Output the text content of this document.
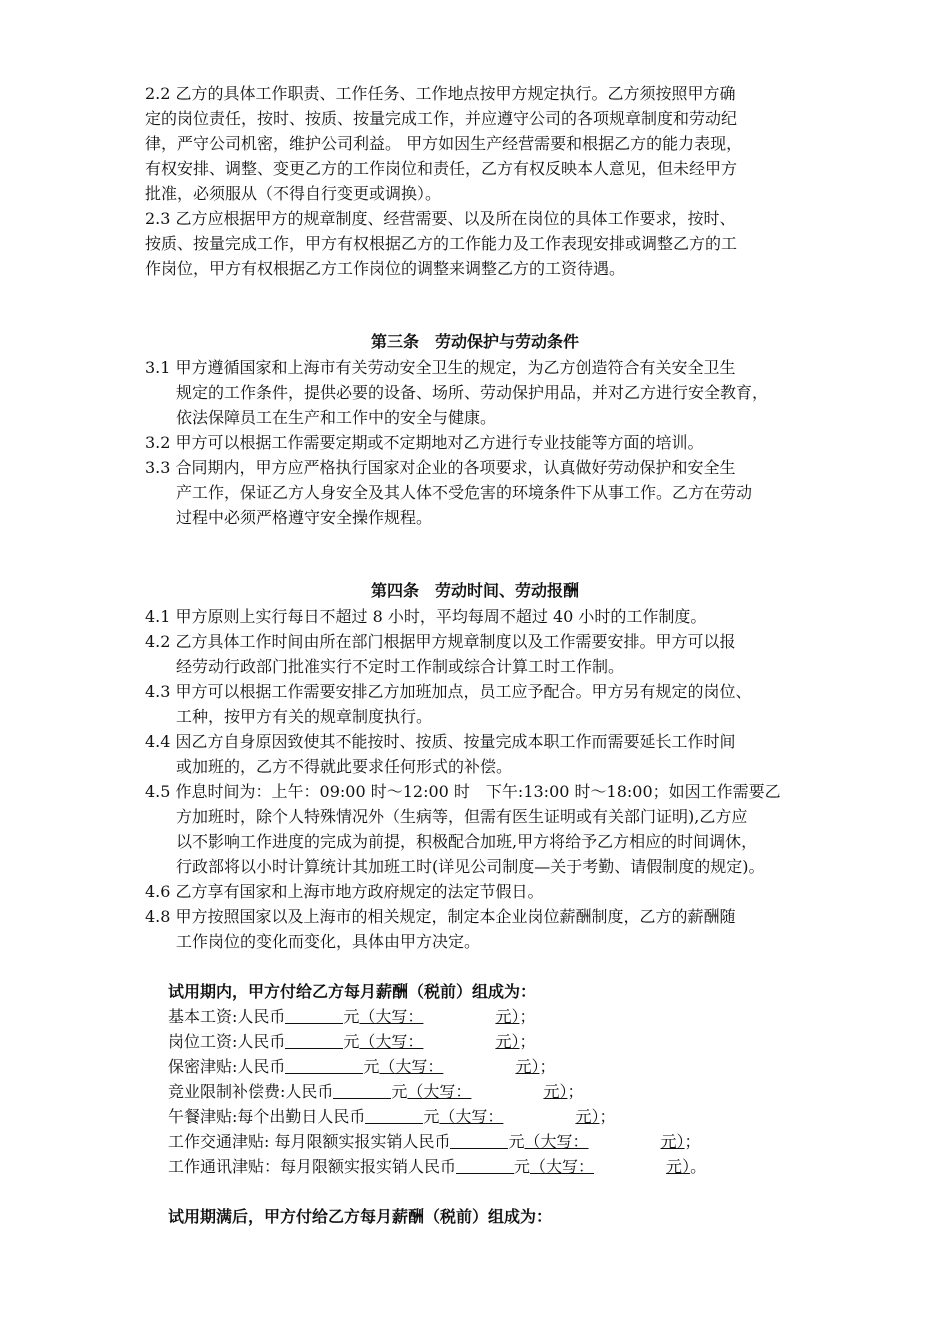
2.2 乙方的具体工作职责、工作任务、工作地点按甲方规定执行。乙方须按照甲方确
定的岗位责任，按时、按质、按量完成工作，并应遵守公司的各项规章制度和劳动纪
律，严守公司机密，维护公司利益。 甲方如因生产经营需要和根据乙方的能力表现，
有权安排、调整、变更乙方的工作岗位和责任，乙方有权反映本人意见，但未经甲方
批准，必须服从（不得自行变更或调换）。
2.3 乙方应根据甲方的规章制度、经营需要、以及所在岗位的具体工作要求，按时、
按质、按量完成工作，甲方有权根据乙方的工作能力及工作表现安排或调整乙方的工
作岗位，甲方有权根据乙方工作岗位的调整来调整乙方的工资待遇。
第三条　劳动保护与劳动条件
3.1 甲方遵循国家和上海市有关劳动安全卫生的规定，为乙方创造符合有关安全卫生
规定的工作条件，提供必要的设备、场所、劳动保护用品，并对乙方进行安全教育，
依法保障员工在生产和工作中的安全与健康。
3.2 甲方可以根据工作需要定期或不定期地对乙方进行专业技能等方面的培训。
3.3 合同期内，甲方应严格执行国家对企业的各项要求，认真做好劳动保护和安全生
产工作，保证乙方人身安全及其人体不受危害的环境条件下从事工作。乙方在劳动
过程中必须严格遵守安全操作规程。
第四条　劳动时间、劳动报酬
4.1 甲方原则上实行每日不超过 8 小时，平均每周不超过 40 小时的工作制度。
4.2 乙方具体工作时间由所在部门根据甲方规章制度以及工作需要安排。甲方可以报
经劳动行政部门批准实行不定时工作制或综合计算工时工作制。
4.3 甲方可以根据工作需要安排乙方加班加点，员工应予配合。甲方另有规定的岗位、
工种，按甲方有关的规章制度执行。
4.4 因乙方自身原因致使其不能按时、按质、按量完成本职工作而需要延长工作时间
或加班的，乙方不得就此要求任何形式的补偿。
4.5 作息时间为：上午：09:00 时～12:00 时　下午:13:00 时～18:00；如因工作需要乙
方加班时，除个人特殊情况外（生病等，但需有医生证明或有关部门证明),乙方应
以不影响工作进度的完成为前提，积极配合加班,甲方将给予乙方相应的时间调休，
行政部将以小时计算统计其加班工时(详见公司制度—关于考勤、请假制度的规定)。
4.6 乙方享有国家和上海市地方政府规定的法定节假日。
4.8 甲方按照国家以及上海市的相关规定，制定本企业岗位薪酬制度，乙方的薪酬随
工作岗位的变化而变化，具体由甲方决定。
试用期内，甲方付给乙方每月薪酬（税前）组成为：
基本工资:人民币	元（大写：	元）；
岗位工资:人民币	元（大写：	元）；
保密津贴:人民币	元（大写：	元）；
竞业限制补偿费:人民币	元（大写：	元）；
午餐津贴:每个出勤日人民币	元（大写：	元）；
工作交通津贴: 每月限额实报实销人民币	元（大写：	元）；
工作通讯津贴：每月限额实报实销人民币	元（大写：	元）。
试用期满后，甲方付给乙方每月薪酬（税前）组成为：
